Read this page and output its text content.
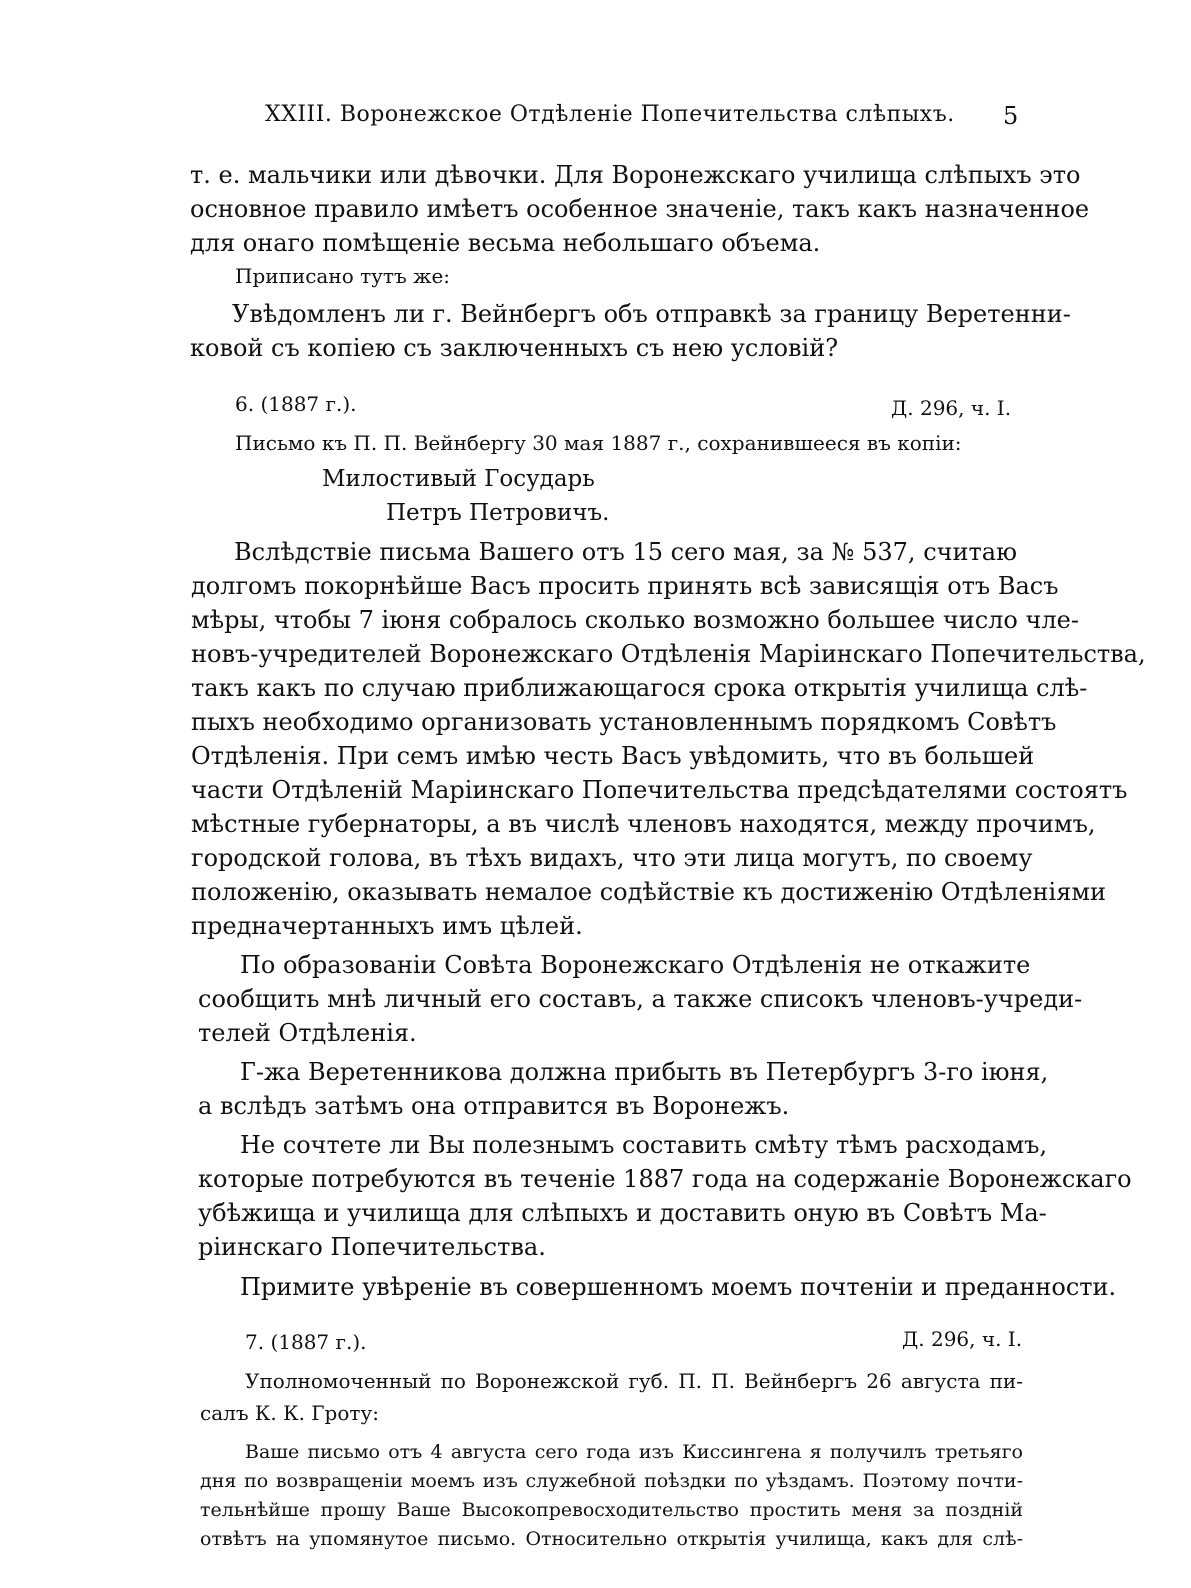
XXIII. Воронежское Отдѣленіе Попечительства слѣпыхъ. 5
т. е. мальчики или дѣвочки. Для Воронежскаго училища слѣпыхъ это
основное правило имѣетъ особенное значеніе, такъ какъ назначенное
для онаго помѣщеніе весьма небольшаго объема.
Приписано тутъ же:
Увѣдомленъ ли г. Вейнбергъ объ отправкѣ за границу Веретенни-
ковой съ копіею съ заключенныхъ съ нею условій?
6. (1887 г.).	Д. 296, ч. I.
Письмо къ П. П. Вейнбергу 30 мая 1887 г., сохранившееся въ копіи:
Милостивый Государь
Петръ Петровичъ.
Вслѣдствіе письма Вашего отъ 15 сего мая, за № 537, считаю
долгомъ покорнѣйше Васъ просить принять всѣ зависящія отъ Васъ
мѣры, чтобы 7 іюня собралось сколько возможно большее число чле-
новъ-учредителей Воронежскаго Отдѣленія Маріинскаго Попечительства,
такъ какъ по случаю приближающагося срока открытія училища слѣ-
пыхъ необходимо организовать установленнымъ порядкомъ Совѣтъ
Отдѣленія. При семъ имѣю честь Васъ увѣдомить, что въ большей
части Отдѣленій Маріинскаго Попечительства предсѣдателями состоятъ
мѣстные губернаторы, а въ числѣ членовъ находятся, между прочимъ,
городской голова, въ тѣхъ видахъ, что эти лица могутъ, по своему
положенію, оказывать немалое содѣйствіе къ достиженію Отдѣленіями
предначертанныхъ имъ цѣлей.
По образованіи Совѣта Воронежскаго Отдѣленія не откажите
сообщить мнѣ личный его составъ, а также списокъ членовъ-учреди-
телей Отдѣленія.
Г-жа Веретенникова должна прибыть въ Петербургъ 3-го іюня,
а вслѣдъ затѣмъ она отправится въ Воронежъ.
Не сочтете ли Вы полезнымъ составить смѣту тѣмъ расходамъ,
которые потребуются въ теченіе 1887 года на содержаніе Воронежскаго
убѣжища и училища для слѣпыхъ и доставить оную въ Совѣтъ Ма-
ріинскаго Попечительства.
Примите увѣреніе въ совершенномъ моемъ почтеніи и преданности.
7. (1887 г.).	Д. 296, ч. I.
Уполномоченный по Воронежской губ. П. П. Вейнбергъ 26 августа пи-
салъ К. К. Гроту:
Ваше письмо отъ 4 августа сего года изъ Киссингена я получилъ третьяго
дня по возвращеніи моемъ изъ служебной поѣздки по уѣздамъ. Поэтому почти-
тельнѣйше прошу Ваше Высокопревосходительство простить меня за поздній
отвѣтъ на упомянутое письмо. Относительно открытія училища, какъ для слѣ-
